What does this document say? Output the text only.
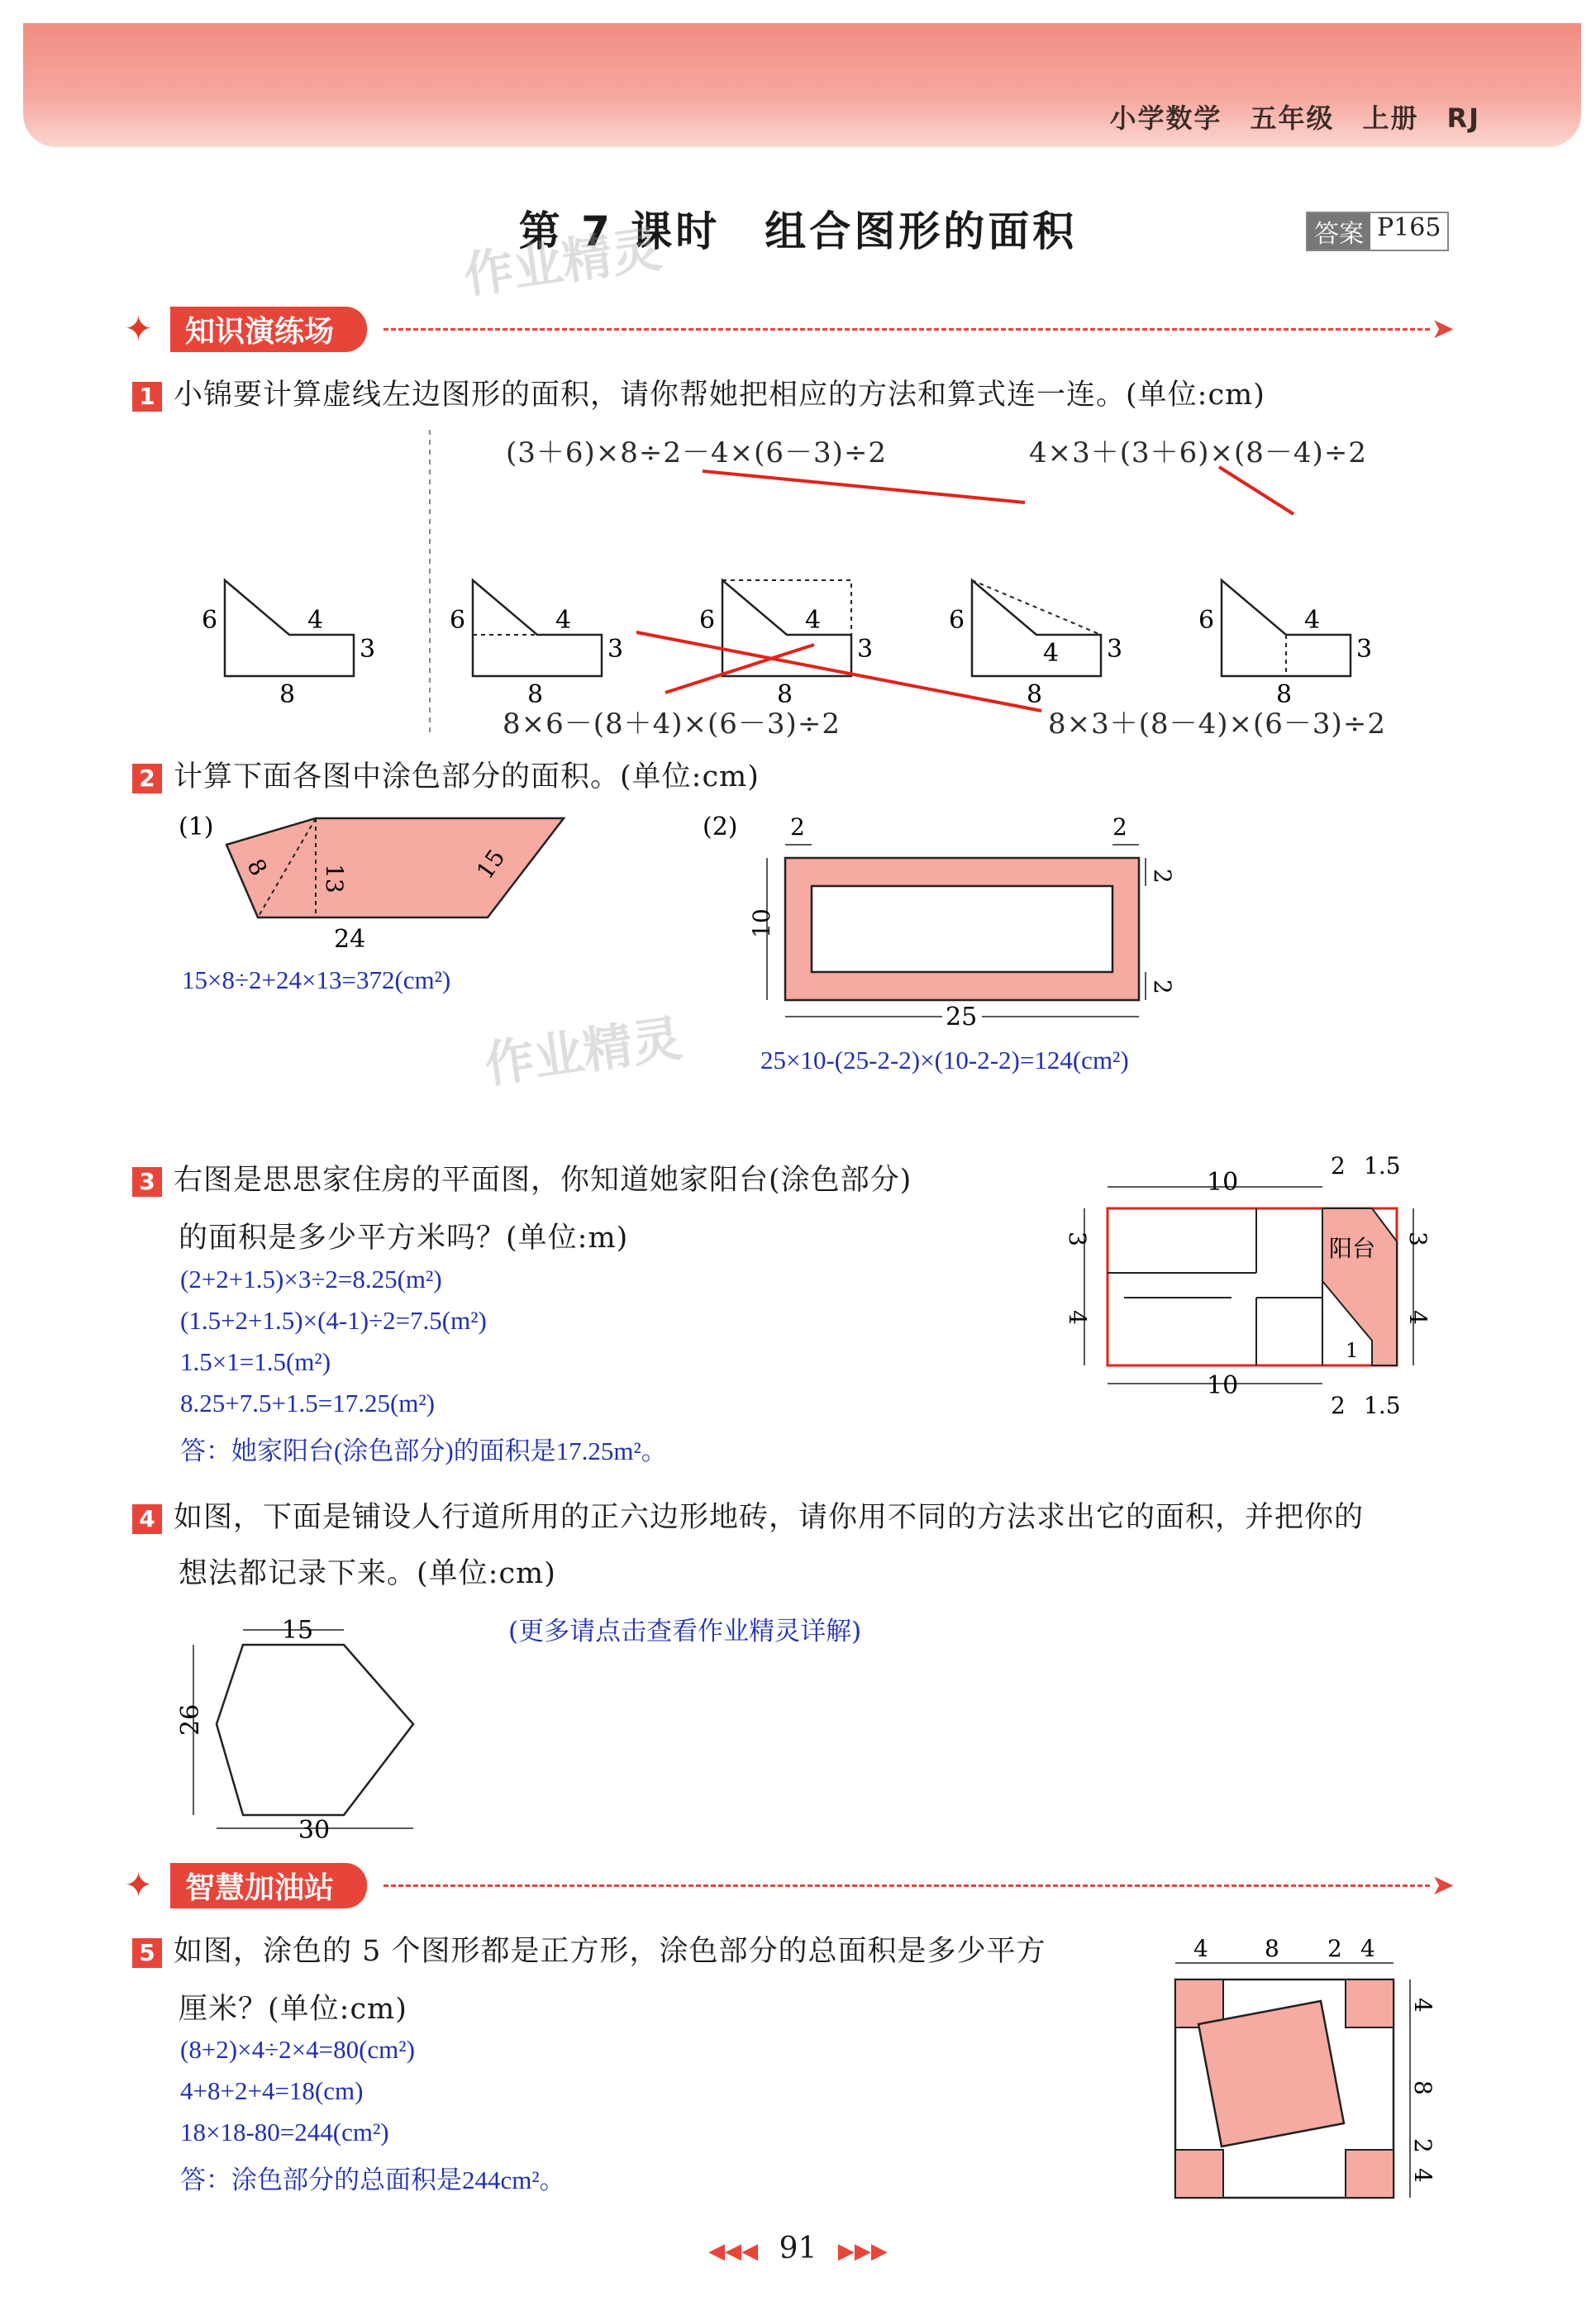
小学数学　五年级　上册　RJ
第 7 课时　组合图形的面积	答案 P165
作业精灵
✦	知识演练场	➤
1 小锦要计算虚线左边图形的面积，请你帮她把相应的方法和算式连一连。(单位:cm)
(3＋6)×8÷2－4×(6－3)÷2	4×3＋(3＋6)×(8－4)÷2
8×6－(8＋4)×(6－3)÷2	8×3＋(8－4)×(6－3)÷2
6	4
3
8
6	4
3
8
6	4
3
8
6
4 3
8
6	4
3
8
2 计算下面各图中涂色部分的面积。(单位:cm)
(1)
8 13	15
24
15×8÷2+24×13=372(cm²)
作业精灵
(2) 2	2
2
2
10
25
25×10-(25-2-2)×(10-2-2)=124(cm²)
3 右图是思思家住房的平面图，你知道她家阳台(涂色部分)
的面积是多少平方米吗？(单位:m)
(2+2+1.5)×3÷2=8.25(m²)
(1.5+2+1.5)×(4-1)÷2=7.5(m²)
1.5×1=1.5(m²)
8.25+7.5+1.5=17.25(m²)
答：她家阳台(涂色部分)的面积是17.25m²。
阳台
1
10
2 1.5
3
4
3
4
10
2 1.5
4 如图，下面是铺设人行道所用的正六边形地砖，请你用不同的方法求出它的面积，并把你的
想法都记录下来。(单位:cm)
(更多请点击查看作业精灵详解)
15
26
30
✦	智慧加油站	➤
5 如图，涂色的 5 个图形都是正方形，涂色部分的总面积是多少平方
厘米？(单位:cm)
(8+2)×4÷2×4=80(cm²)
4+8+2+4=18(cm)
18×18-80=244(cm²)
答：涂色部分的总面积是244cm²。
4 8 2 4
4
8
2
4
◀◀◀ 91 ▶▶▶
